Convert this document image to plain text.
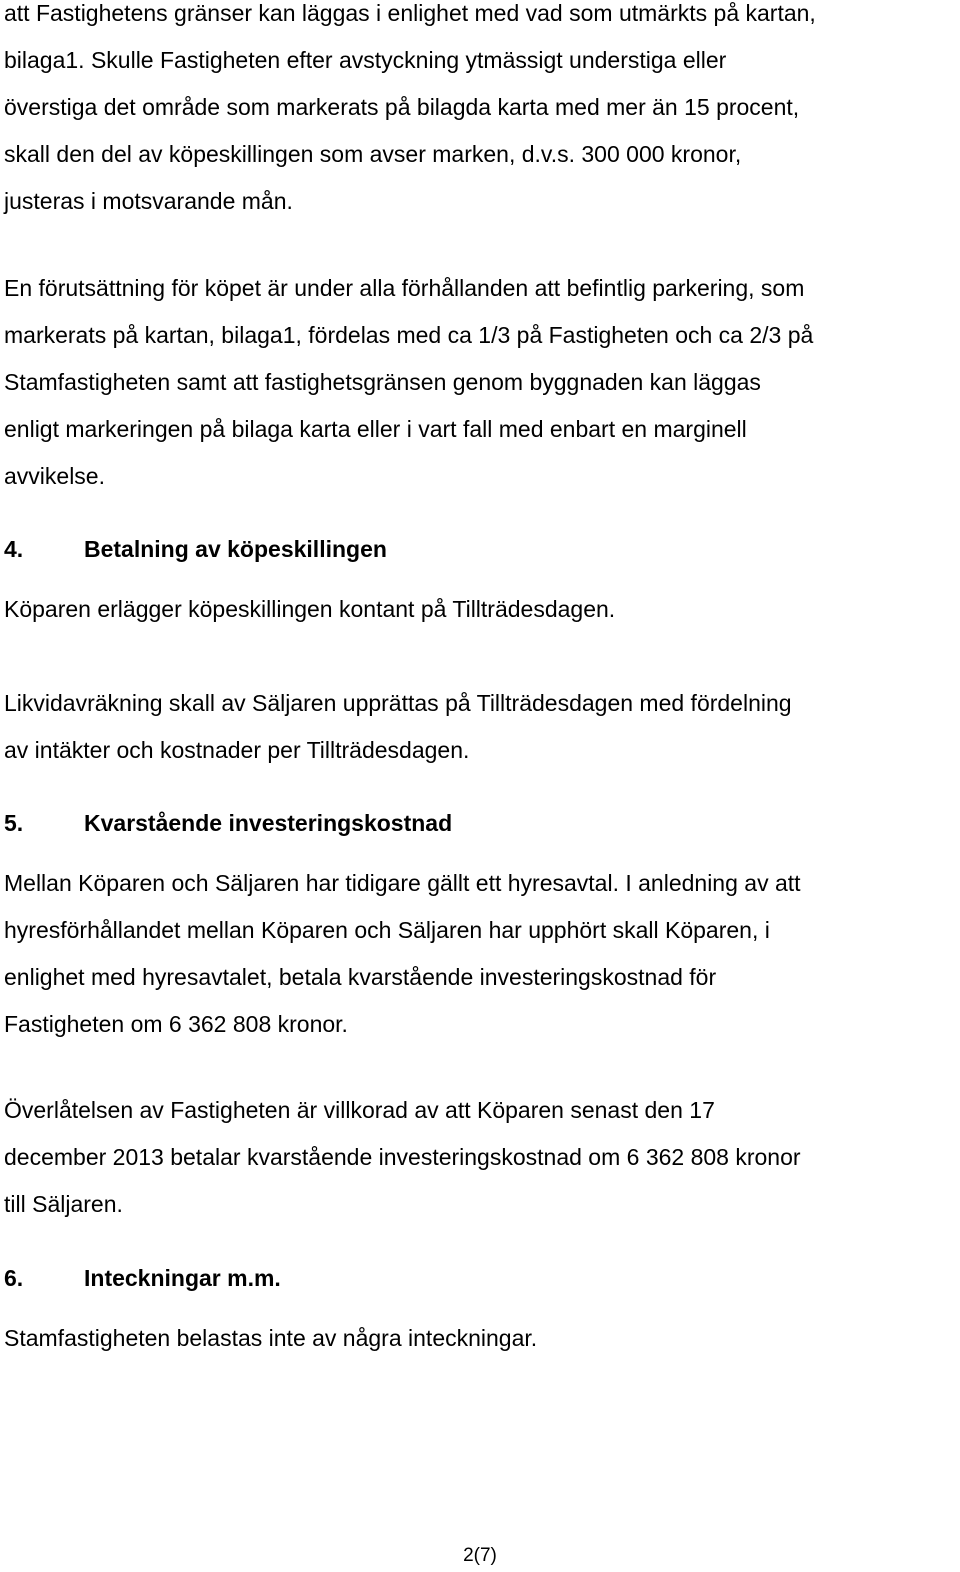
att Fastighetens gränser kan läggas i enlighet med vad som utmärkts på kartan,
bilaga1. Skulle Fastigheten efter avstyckning ytmässigt understiga eller
överstiga det område som markerats på bilagda karta med mer än 15 procent,
skall den del av köpeskillingen som avser marken, d.v.s. 300 000 kronor,
justeras i motsvarande mån.
En förutsättning för köpet är under alla förhållanden att befintlig parkering, som
markerats på kartan, bilaga1, fördelas med ca 1/3 på Fastigheten och ca 2/3 på
Stamfastigheten samt att fastighetsgränsen genom byggnaden kan läggas
enligt markeringen på bilaga karta eller i vart fall med enbart en marginell
avvikelse.
4.	Betalning av köpeskillingen
Köparen erlägger köpeskillingen kontant på Tillträdesdagen.
Likvidavräkning skall av Säljaren upprättas på Tillträdesdagen med fördelning
av intäkter och kostnader per Tillträdesdagen.
5.	Kvarstående investeringskostnad
Mellan Köparen och Säljaren har tidigare gällt ett hyresavtal. I anledning av att
hyresförhållandet mellan Köparen och Säljaren har upphört skall Köparen, i
enlighet med hyresavtalet, betala kvarstående investeringskostnad för
Fastigheten om 6 362 808 kronor.
Överlåtelsen av Fastigheten är villkorad av att Köparen senast den 17
december 2013 betalar kvarstående investeringskostnad om 6 362 808 kronor
till Säljaren.
6.	Inteckningar m.m.
Stamfastigheten belastas inte av några inteckningar.
2(7)
